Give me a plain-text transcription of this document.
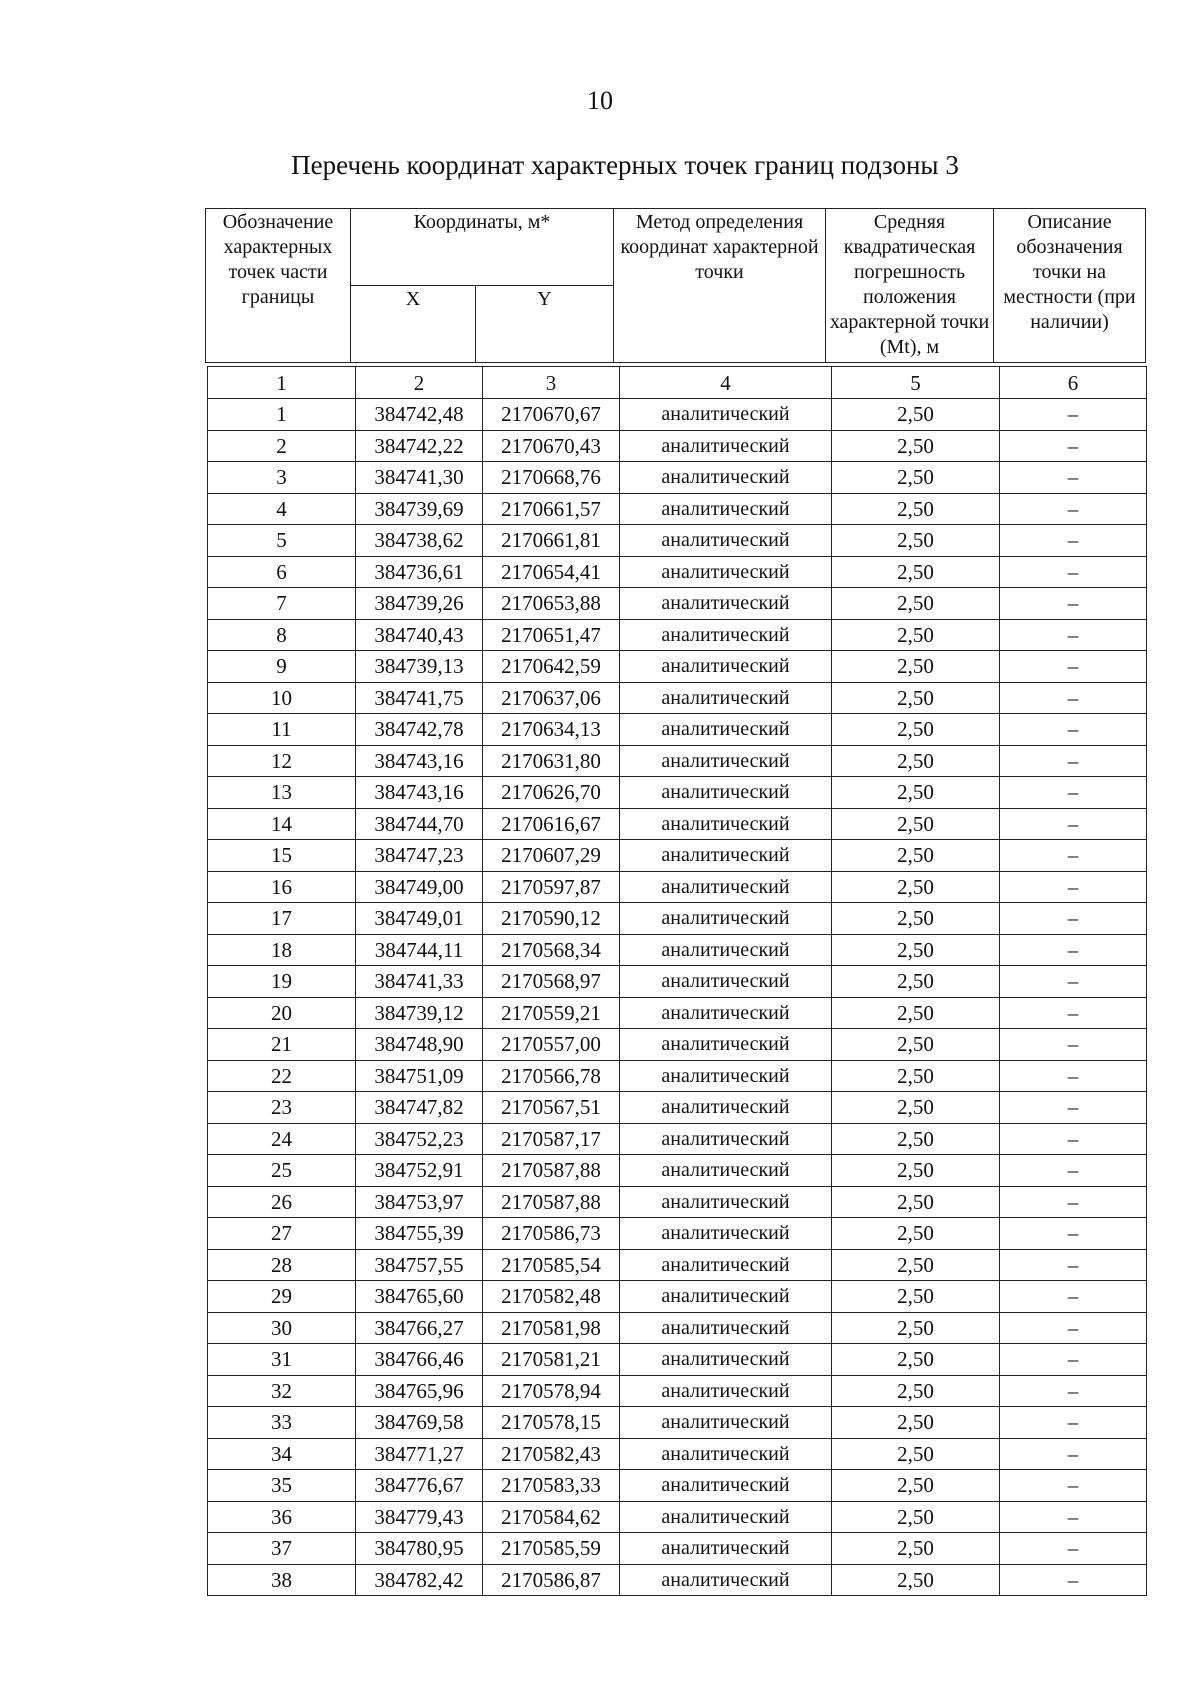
10
Перечень координат характерных точек границ подзоны 3
Обозначение характерных точек части границы	Координаты, м*		Метод определения координат характерной точки	Средняя квадратическая погрешность положения характерной точки (Mt), м	Описание обозначения точки на местности (при наличии)
	X	Y			
1	2	3	4	5	6
1	384742,48	2170670,67	аналитический	2,50	–
2	384742,22	2170670,43	аналитический	2,50	–
3	384741,30	2170668,76	аналитический	2,50	–
4	384739,69	2170661,57	аналитический	2,50	–
5	384738,62	2170661,81	аналитический	2,50	–
6	384736,61	2170654,41	аналитический	2,50	–
7	384739,26	2170653,88	аналитический	2,50	–
8	384740,43	2170651,47	аналитический	2,50	–
9	384739,13	2170642,59	аналитический	2,50	–
10	384741,75	2170637,06	аналитический	2,50	–
11	384742,78	2170634,13	аналитический	2,50	–
12	384743,16	2170631,80	аналитический	2,50	–
13	384743,16	2170626,70	аналитический	2,50	–
14	384744,70	2170616,67	аналитический	2,50	–
15	384747,23	2170607,29	аналитический	2,50	–
16	384749,00	2170597,87	аналитический	2,50	–
17	384749,01	2170590,12	аналитический	2,50	–
18	384744,11	2170568,34	аналитический	2,50	–
19	384741,33	2170568,97	аналитический	2,50	–
20	384739,12	2170559,21	аналитический	2,50	–
21	384748,90	2170557,00	аналитический	2,50	–
22	384751,09	2170566,78	аналитический	2,50	–
23	384747,82	2170567,51	аналитический	2,50	–
24	384752,23	2170587,17	аналитический	2,50	–
25	384752,91	2170587,88	аналитический	2,50	–
26	384753,97	2170587,88	аналитический	2,50	–
27	384755,39	2170586,73	аналитический	2,50	–
28	384757,55	2170585,54	аналитический	2,50	–
29	384765,60	2170582,48	аналитический	2,50	–
30	384766,27	2170581,98	аналитический	2,50	–
31	384766,46	2170581,21	аналитический	2,50	–
32	384765,96	2170578,94	аналитический	2,50	–
33	384769,58	2170578,15	аналитический	2,50	–
34	384771,27	2170582,43	аналитический	2,50	–
35	384776,67	2170583,33	аналитический	2,50	–
36	384779,43	2170584,62	аналитический	2,50	–
37	384780,95	2170585,59	аналитический	2,50	–
38	384782,42	2170586,87	аналитический	2,50	–
